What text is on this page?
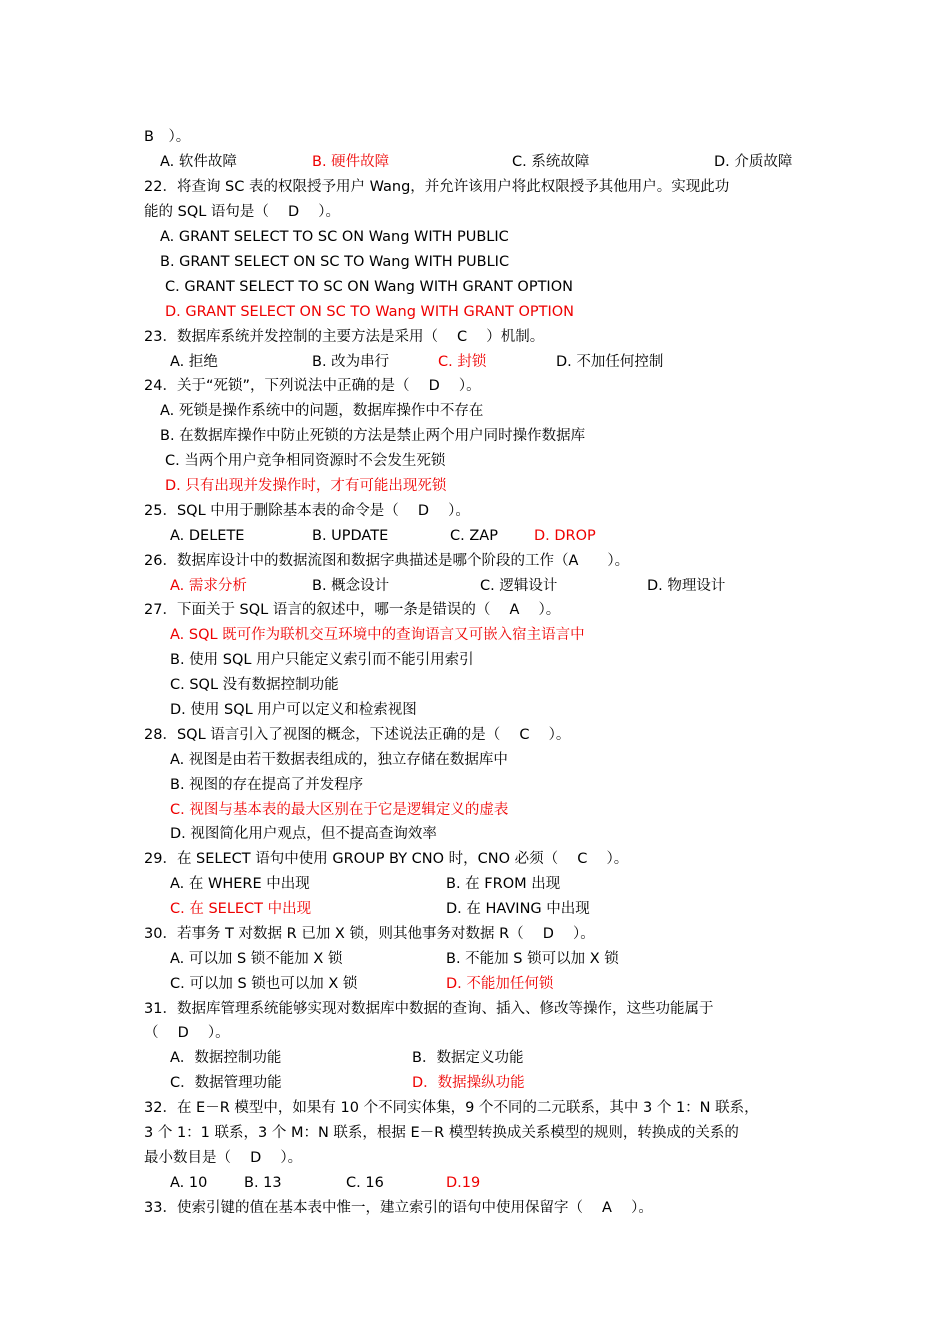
B　）。
A. 软件故障	B. 硬件故障	C. 系统故障	D. 介质故障
22．将查询 SC 表的权限授予用户 Wang，并允许该用户将此权限授予其他用户。实现此功
能的 SQL 语句是（　 D 　）。
A. GRANT SELECT TO SC ON Wang WITH PUBLIC
B. GRANT SELECT ON SC TO Wang WITH PUBLIC
C. GRANT SELECT TO SC ON Wang WITH GRANT OPTION
D. GRANT SELECT ON SC TO Wang WITH GRANT OPTION
23．数据库系统并发控制的主要方法是采用（　 C　 ）机制。
A. 拒绝	B. 改为串行	C. 封锁	D. 不加任何控制
24．关于“死锁”，下列说法中正确的是（　 D 　）。
A. 死锁是操作系统中的问题，数据库操作中不存在
B. 在数据库操作中防止死锁的方法是禁止两个用户同时操作数据库
C. 当两个用户竞争相同资源时不会发生死锁
D. 只有出现并发操作时，才有可能出现死锁
25．SQL 中用于删除基本表的命令是（　 D　 ）。
A. DELETE	B. UPDATE	C. ZAP D. DROP
26．数据库设计中的数据流图和数据字典描述是哪个阶段的工作（A　　）。
A. 需求分析	B. 概念设计	C. 逻辑设计	D. 物理设计
27．下面关于 SQL 语言的叙述中，哪一条是错误的（　 A　 ）。
A. SQL 既可作为联机交互环境中的查询语言又可嵌入宿主语言中
B. 使用 SQL 用户只能定义索引而不能引用索引
C. SQL 没有数据控制功能
D. 使用 SQL 用户可以定义和检索视图
28．SQL 语言引入了视图的概念，下述说法正确的是（　 C　 ）。
A. 视图是由若干数据表组成的，独立存储在数据库中
B. 视图的存在提高了并发程序
C. 视图与基本表的最大区别在于它是逻辑定义的虚表
D. 视图简化用户观点，但不提高查询效率
29．在 SELECT 语句中使用 GROUP BY CNO 时，CNO 必须（　 C　 ）。
A. 在 WHERE 中出现	B. 在 FROM 出现
C. 在 SELECT 中出现	D. 在 HAVING 中出现
30．若事务 T 对数据 R 已加 X 锁，则其他事务对数据 R（　 D　 ）。
A. 可以加 S 锁不能加 X 锁	B. 不能加 S 锁可以加 X 锁
C. 可以加 S 锁也可以加 X 锁	D. 不能加任何锁
31．数据库管理系统能够实现对数据库中数据的查询、插入、修改等操作，这些功能属于
（　 D　 ）。
A．数据控制功能	B．数据定义功能
C．数据管理功能	D．数据操纵功能
32．在 E－R 模型中，如果有 10 个不同实体集，9 个不同的二元联系，其中 3 个 1：N 联系，
3 个 1：1 联系，3 个 M：N 联系，根据 E－R 模型转换成关系模型的规则，转换成的关系的
最小数目是（　 D　 ）。
A. 10	B. 13	C. 16	D.19
33．使索引键的值在基本表中惟一，建立索引的语句中使用保留字（　 A　 ）。
